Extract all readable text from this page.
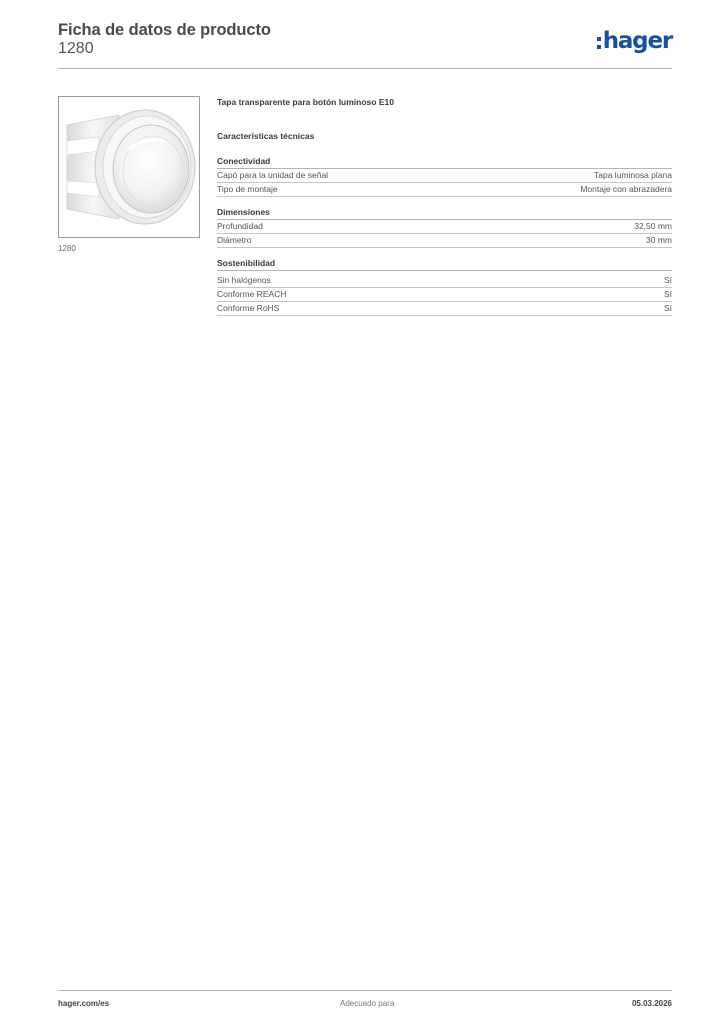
Ficha de datos de producto
1280	hager
1280

Tapa transparente para botón luminoso E10

Características técnicas

Conectividad
Capó para la unidad de señal	Tapa luminosa plana
Tipo de montaje	Montaje con abrazadera
Dimensiones
Profundidad	32,50 mm
Diámetro	30 mm
Sostenibilidad
Sin halógenos	Sí
Conforme REACH	Sí
Conforme RoHS	Sí
hager.com/es	Adecuado para	05.03.2026
